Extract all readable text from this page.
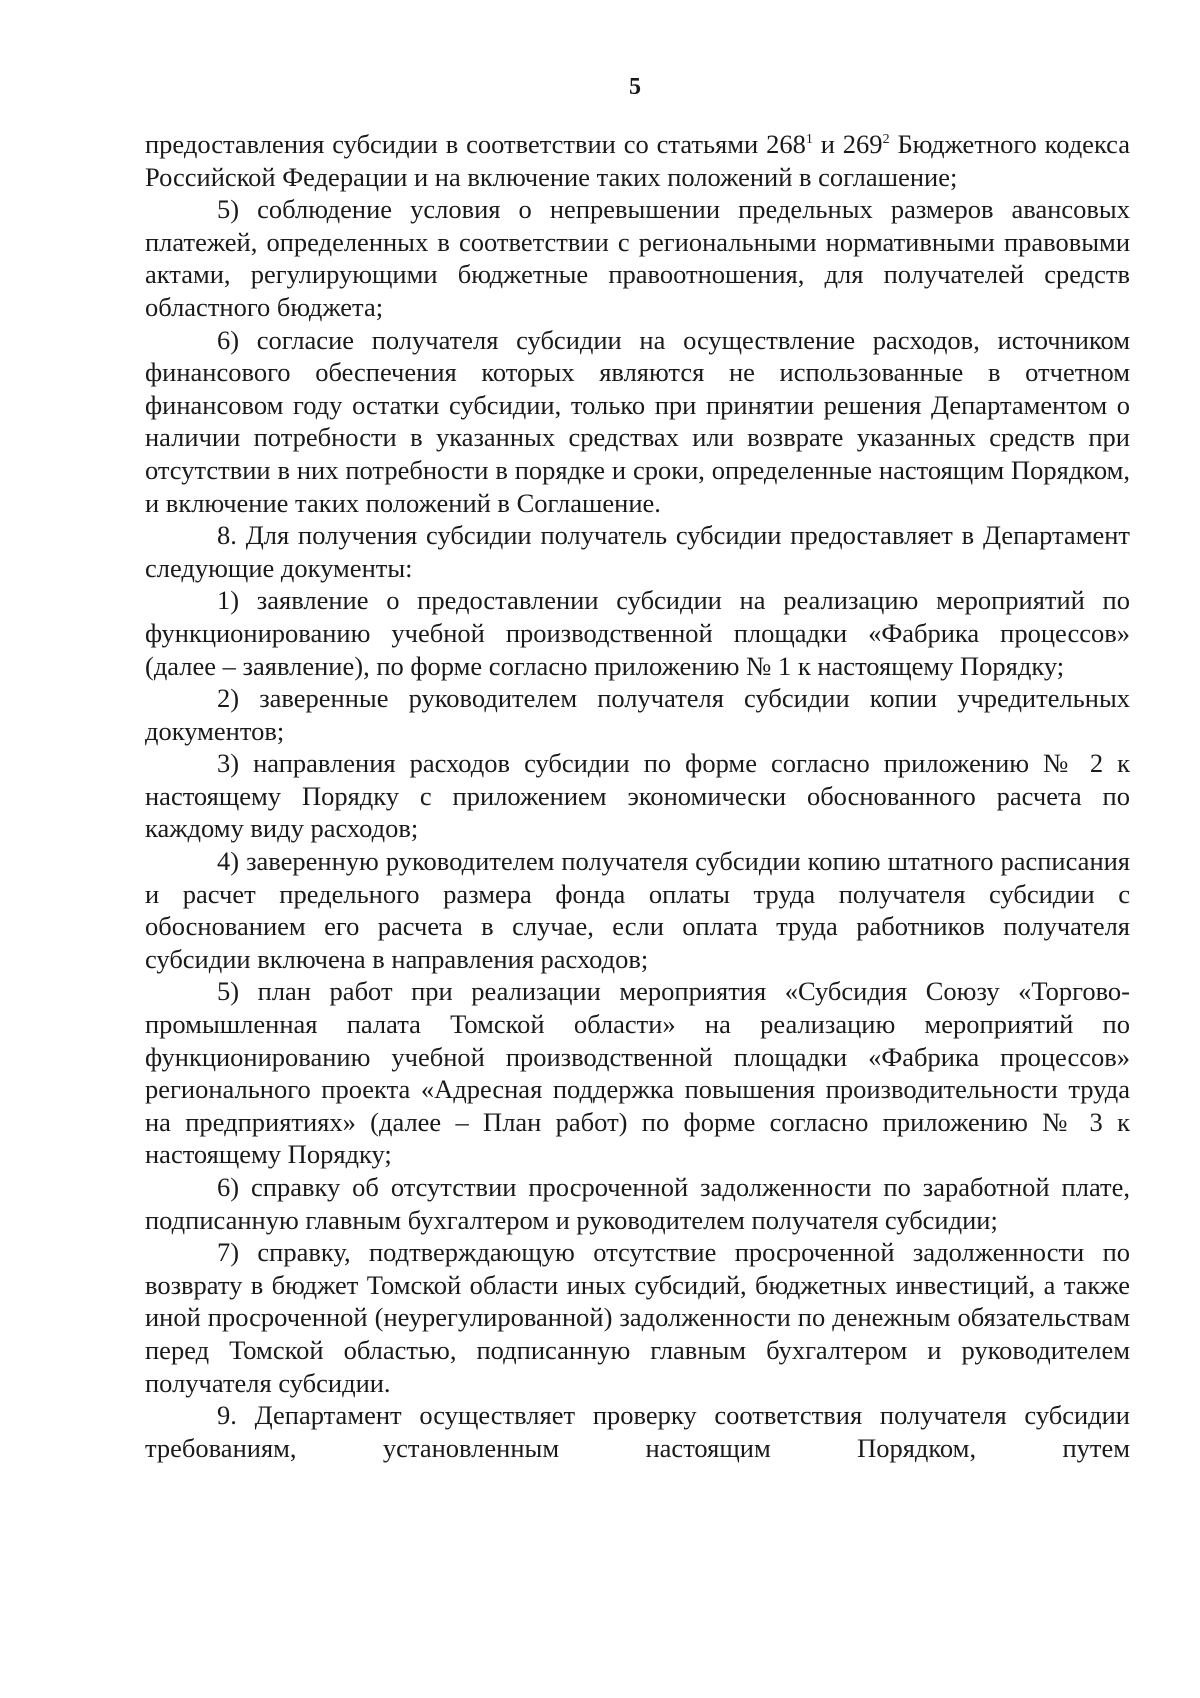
5

предоставления субсидии в соответствии со статьями $268^1$ и $269^2$ Бюджетного кодекса Российской Федерации и на включение таких положений в соглашение;

5) соблюдение условия о непревышении предельных размеров авансовых платежей, определенных в соответствии с региональными нормативными правовыми актами, регулирующими бюджетные правоотношения, для получателей средств областного бюджета;

6) согласие получателя субсидии на осуществление расходов, источником финансового обеспечения которых являются не использованные в отчетном финансовом году остатки субсидии, только при принятии решения Департаментом о наличии потребности в указанных средствах или возврате указанных средств при отсутствии в них потребности в порядке и сроки, определенные настоящим Порядком, и включение таких положений в Соглашение.

8. Для получения субсидии получатель субсидии предоставляет в Департамент следующие документы:

1) заявление о предоставлении субсидии на реализацию мероприятий по функционированию учебной производственной площадки «Фабрика процессов» (далее – заявление), по форме согласно приложению № 1 к настоящему Порядку;

2) заверенные руководителем получателя субсидии копии учредительных документов;

3) направления расходов субсидии по форме согласно приложению № 2 к настоящему Порядку с приложением экономически обоснованного расчета по каждому виду расходов;

4) заверенную руководителем получателя субсидии копию штатного расписания и расчет предельного размера фонда оплаты труда получателя субсидии с обоснованием его расчета в случае, если оплата труда работников получателя субсидии включена в направления расходов;

5) план работ при реализации мероприятия «Субсидия Союзу «Торгово-промышленная палата Томской области» на реализацию мероприятий по функционированию учебной производственной площадки «Фабрика процессов» регионального проекта «Адресная поддержка повышения производительности труда на предприятиях» (далее – План работ) по форме согласно приложению № 3 к настоящему Порядку;

6) справку об отсутствии просроченной задолженности по заработной плате, подписанную главным бухгалтером и руководителем получателя субсидии;

7) справку, подтверждающую отсутствие просроченной задолженности по возврату в бюджет Томской области иных субсидий, бюджетных инвестиций, а также иной просроченной (неурегулированной) задолженности по денежным обязательствам перед Томской областью, подписанную главным бухгалтером и руководителем получателя субсидии.

9. Департамент осуществляет проверку соответствия получателя субсидии требованиям, установленным настоящим Порядком, путем
